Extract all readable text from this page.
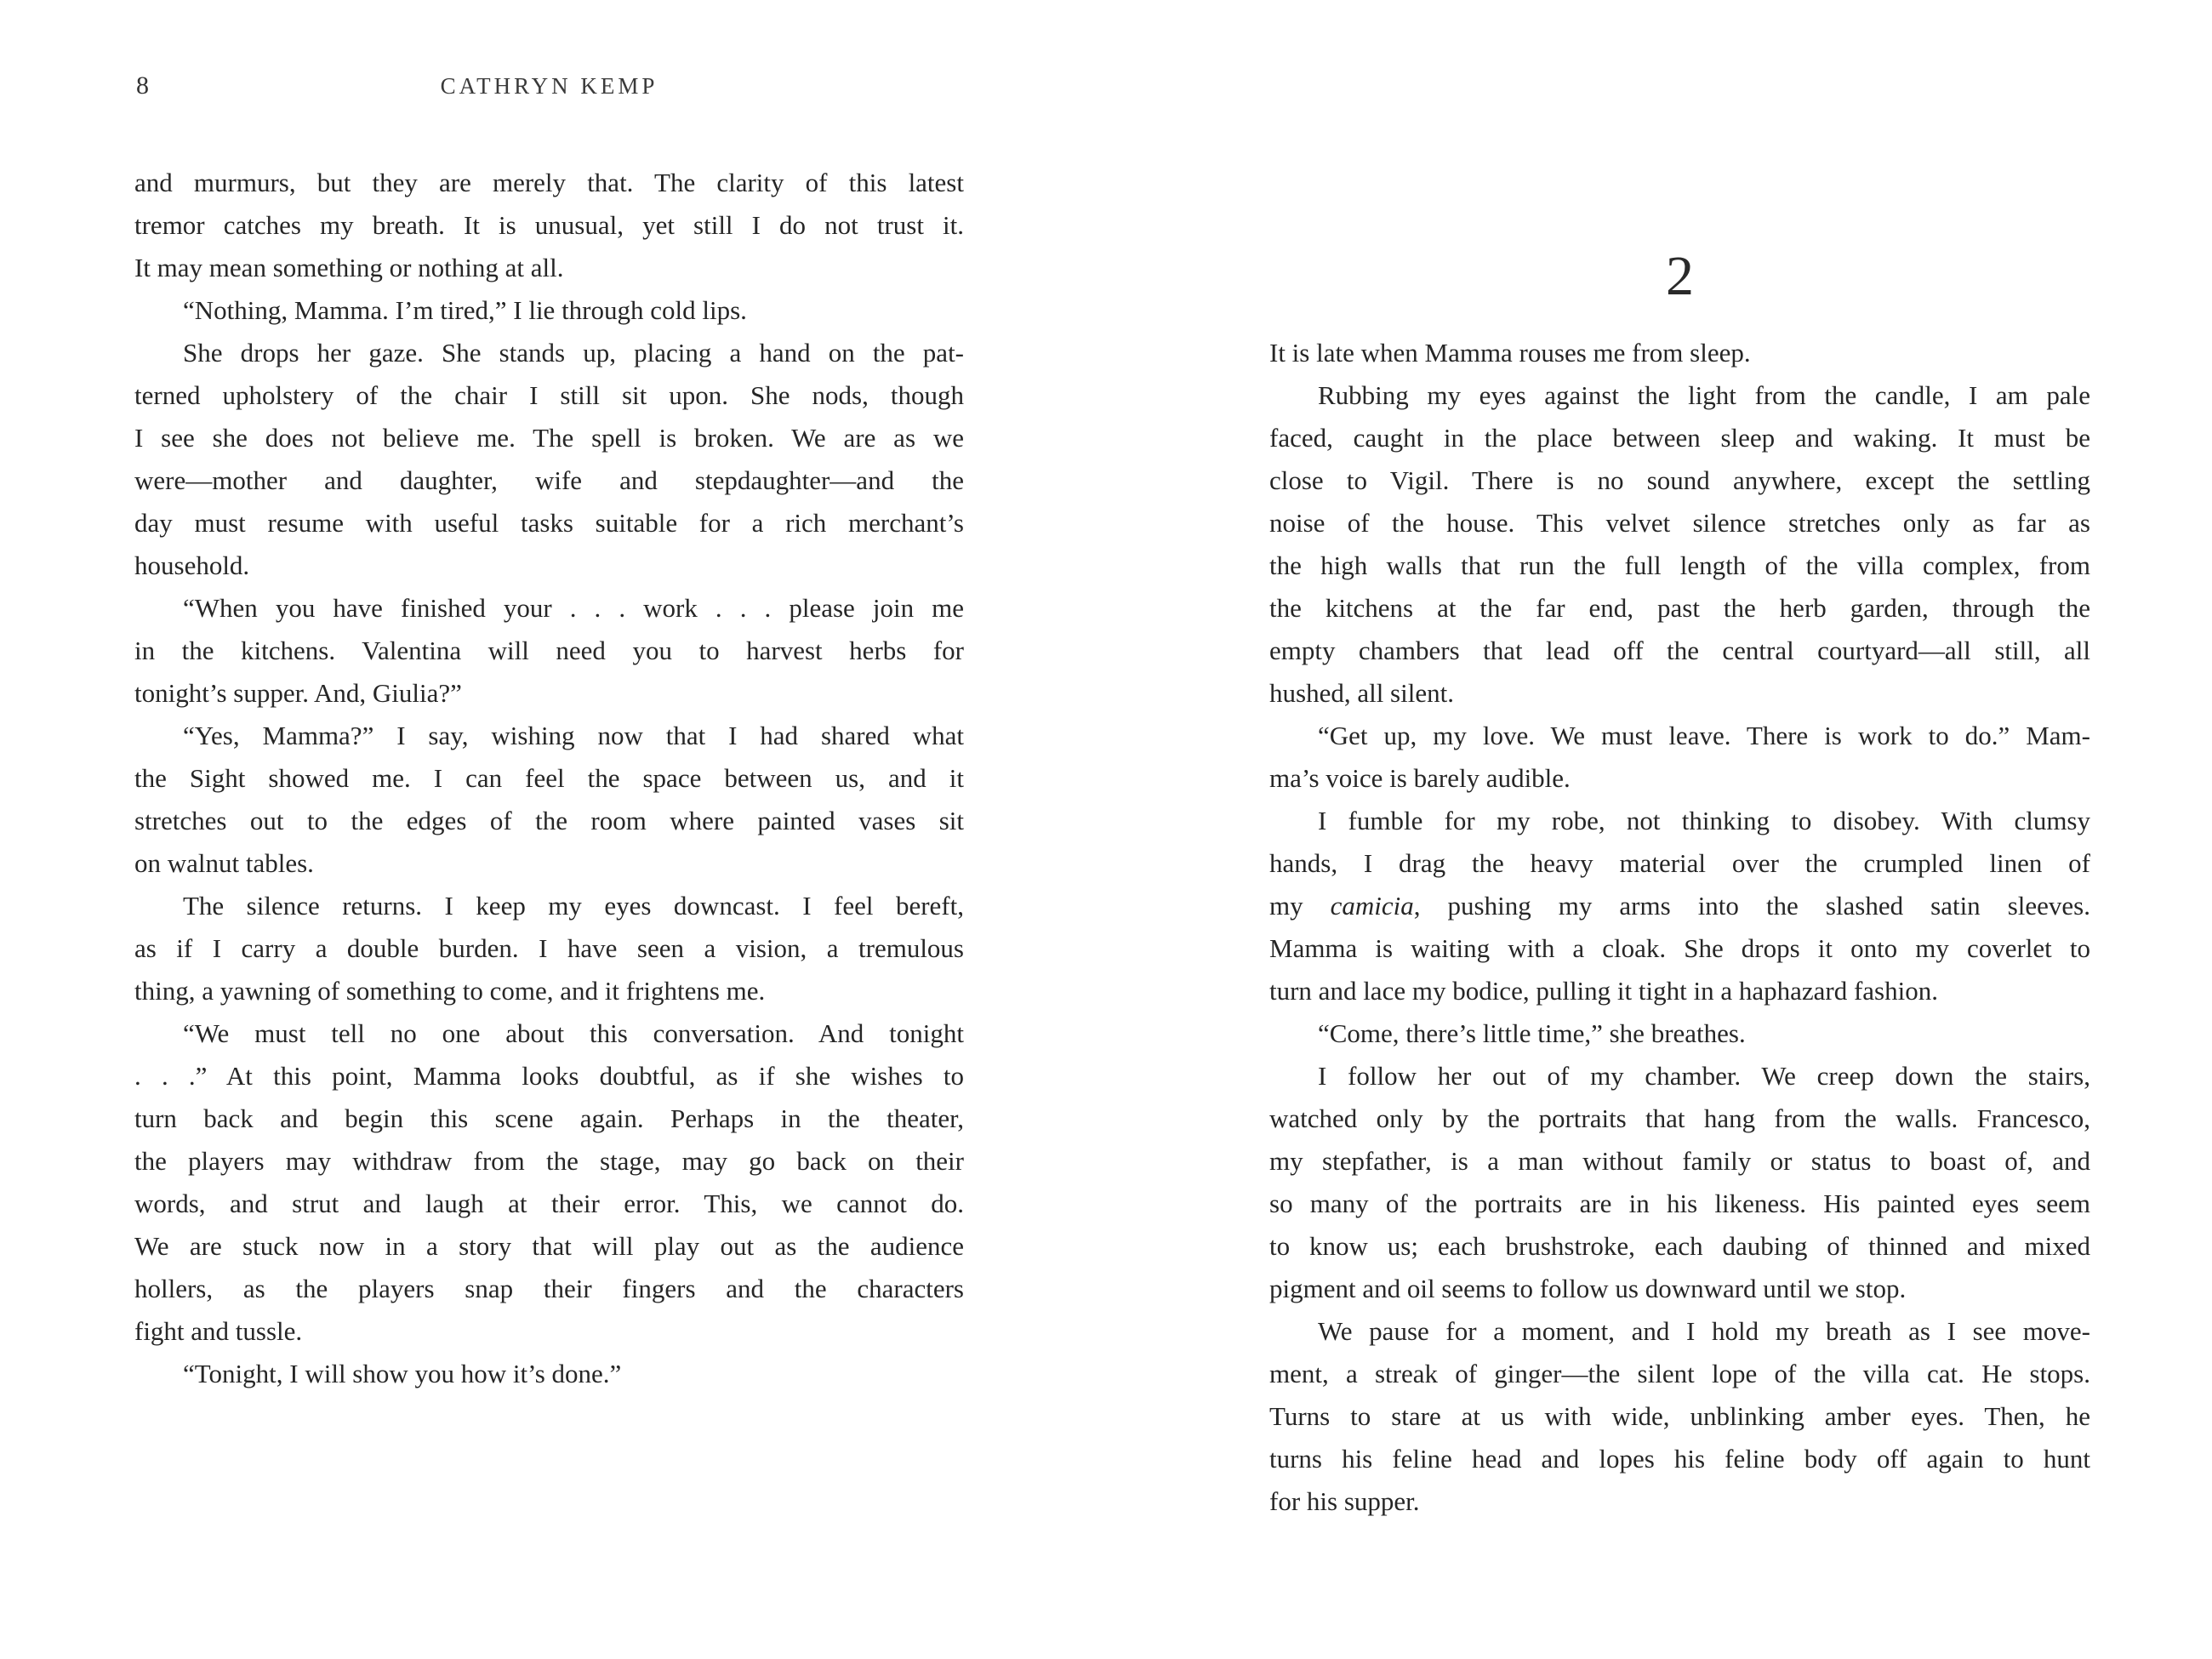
8	CATHRYN KEMP
and murmurs, but they are merely that. The clarity of this latest
tremor catches my breath. It is unusual, yet still I do not trust it.
It may mean something or nothing at all.
“Nothing, Mamma. I’m tired,” I lie through cold lips.
She drops her gaze. She stands up, placing a hand on the pat-
terned upholstery of the chair I still sit upon. She nods, though
I see she does not believe me. The spell is broken. We are as we
were—mother and daughter, wife and stepdaughter—and the
day must resume with useful tasks suitable for a rich merchant’s
household.
“When you have finished your . . . work . . . please join me
in the kitchens. Valentina will need you to harvest herbs for
tonight’s supper. And, Giulia?”
“Yes, Mamma?” I say, wishing now that I had shared what
the Sight showed me. I can feel the space between us, and it
stretches out to the edges of the room where painted vases sit
on walnut tables.
The silence returns. I keep my eyes downcast. I feel bereft,
as if I carry a double burden. I have seen a vision, a tremulous
thing, a yawning of something to come, and it frightens me.
“We must tell no one about this conversation. And tonight
. . .” At this point, Mamma looks doubtful, as if she wishes to
turn back and begin this scene again. Perhaps in the theater,
the players may withdraw from the stage, may go back on their
words, and strut and laugh at their error. This, we cannot do.
We are stuck now in a story that will play out as the audience
hollers, as the players snap their fingers and the characters
fight and tussle.
“Tonight, I will show you how it’s done.”
2
It is late when Mamma rouses me from sleep.
Rubbing my eyes against the light from the candle, I am pale
faced, caught in the place between sleep and waking. It must be
close to Vigil. There is no sound anywhere, except the settling
noise of the house. This velvet silence stretches only as far as
the high walls that run the full length of the villa complex, from
the kitchens at the far end, past the herb garden, through the
empty chambers that lead off the central courtyard—all still, all
hushed, all silent.
“Get up, my love. We must leave. There is work to do.” Mam-
ma’s voice is barely audible.
I fumble for my robe, not thinking to disobey. With clumsy
hands, I drag the heavy material over the crumpled linen of
my camicia, pushing my arms into the slashed satin sleeves.
Mamma is waiting with a cloak. She drops it onto my coverlet to
turn and lace my bodice, pulling it tight in a haphazard fashion.
“Come, there’s little time,” she breathes.
I follow her out of my chamber. We creep down the stairs,
watched only by the portraits that hang from the walls. Francesco,
my stepfather, is a man without family or status to boast of, and
so many of the portraits are in his likeness. His painted eyes seem
to know us; each brushstroke, each daubing of thinned and mixed
pigment and oil seems to follow us downward until we stop.
We pause for a moment, and I hold my breath as I see move-
ment, a streak of ginger—the silent lope of the villa cat. He stops.
Turns to stare at us with wide, unblinking amber eyes. Then, he
turns his feline head and lopes his feline body off again to hunt
for his supper.
